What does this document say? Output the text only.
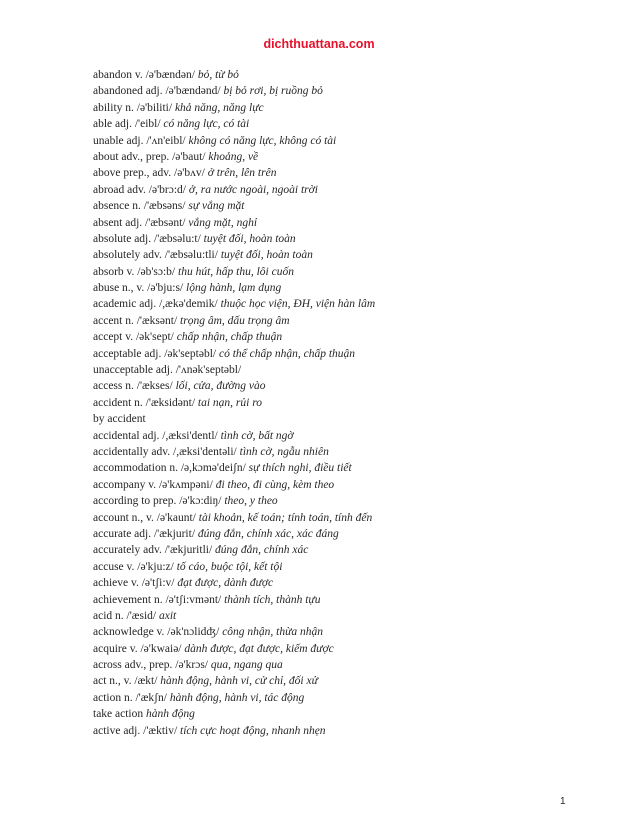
dichthuattana.com
abandon v. /ə'bændən/ bỏ, từ bỏ
abandoned adj. /ə'bændənd/ bị bỏ rơi, bị ruồng bỏ
ability n. /ə'biliti/ khả năng, năng lực
able adj. /'eibl/ có năng lực, có tài
unable adj. /'ʌn'eibl/ không có năng lực, không có tài
about adv., prep. /ə'baut/ khoảng, về
above prep., adv. /ə'bʌv/ ở trên, lên trên
abroad adv. /ə'brɔ:d/ ở, ra nước ngoài, ngoài trời
absence n. /'æbsəns/ sự vắng mặt
absent adj. /'æbsənt/ vắng mặt, nghỉ
absolute adj. /'æbsəlu:t/ tuyệt đối, hoàn toàn
absolutely adv. /'æbsəlu:tli/ tuyệt đối, hoàn toàn
absorb v. /əb'sɔ:b/ thu hút, hấp thu, lôi cuốn
abuse n., v. /ə'bju:s/ lộng hành, lạm dụng
academic adj. /,ækə'demik/ thuộc học viện, ĐH, viện hàn lâm
accent n. /'æksənt/ trọng âm, dấu trọng âm
accept v. /ək'sept/ chấp nhận, chấp thuận
acceptable adj. /ək'septəbl/ có thể chấp nhận, chấp thuận
unacceptable adj. /'ʌnək'septəbl/
access n. /'ækses/ lối, cửa, đường vào
accident n. /'æksidənt/ tai nạn, rủi ro
by accident
accidental adj. /,æksi'dentl/ tình cờ, bất ngờ
accidentally adv. /,æksi'dentəli/ tình cờ, ngẫu nhiên
accommodation n. /ə,kɔmə'deiʃn/ sự thích nghi, điều tiết
accompany v. /ə'kʌmpəni/ đi theo, đi cùng, kèm theo
according to prep. /ə'kɔ:diŋ/ theo, y theo
account n., v. /ə'kaunt/ tài khoản, kế toán; tính toán, tính đến
accurate adj. /'ækjurit/ đúng đắn, chính xác, xác đáng
accurately adv. /'ækjuritli/ đúng đắn, chính xác
accuse v. /ə'kju:z/ tố cáo, buộc tội, kết tội
achieve v. /ə'tʃi:v/ đạt được, dành được
achievement n. /ə'tʃi:vmənt/ thành tích, thành tựu
acid n. /'æsid/ axit
acknowledge v. /ək'nɔlidʤ/ công nhận, thừa nhận
acquire v. /ə'kwaiə/ dành được, đạt được, kiếm được
across adv., prep. /ə'krɔs/ qua, ngang qua
act n., v. /ækt/ hành động, hành vi, cử chỉ, đối xử
action n. /'ækʃn/ hành động, hành vi, tác động
take action hành động
active adj. /'æktiv/ tích cực hoạt động, nhanh nhẹn
1
